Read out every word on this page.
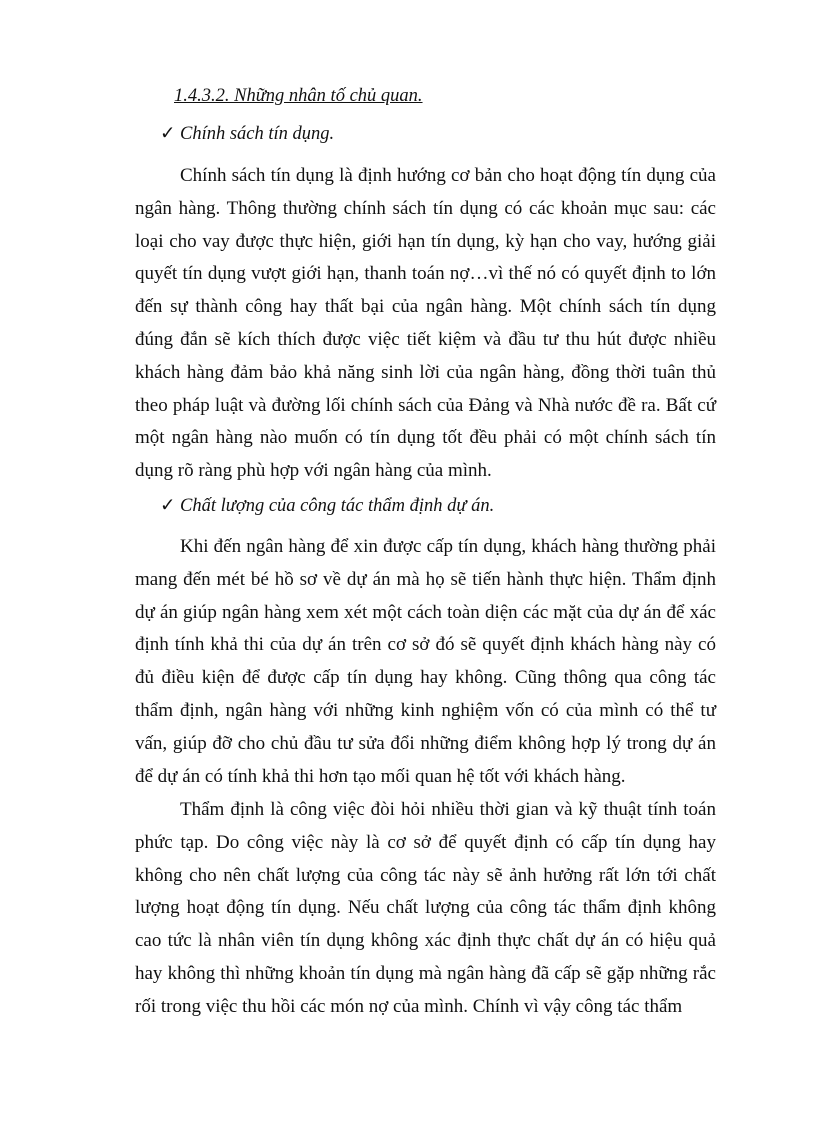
1.4.3.2. Những nhân tố chủ quan.
✓ Chính sách tín dụng.

Chính sách tín dụng là định hướng cơ bản cho hoạt động tín dụng của ngân hàng. Thông thường chính sách tín dụng có các khoản mục sau: các loại cho vay được thực hiện, giới hạn tín dụng, kỳ hạn cho vay, hướng giải quyết tín dụng vượt giới hạn, thanh toán nợ…vì thế nó có quyết định to lớn đến sự thành công hay thất bại của ngân hàng. Một chính sách tín dụng đúng đắn sẽ kích thích được việc tiết kiệm và đầu tư thu hút được nhiều khách hàng đảm bảo khả năng sinh lời của ngân hàng, đồng thời tuân thủ theo pháp luật và đường lối chính sách của Đảng và Nhà nước đề ra. Bất cứ một ngân hàng nào muốn có tín dụng tốt đều phải có một chính sách tín dụng rõ ràng phù hợp với ngân hàng của mình.

✓ Chất lượng của công tác thẩm định dự án.

Khi đến ngân hàng để xin được cấp tín dụng, khách hàng thường phải mang đến mét bé hồ sơ về dự án mà họ sẽ tiến hành thực hiện. Thẩm định dự án giúp ngân hàng xem xét một cách toàn diện các mặt của dự án để xác định tính khả thi của dự án trên cơ sở đó sẽ quyết định khách hàng này có đủ điều kiện để được cấp tín dụng hay không. Cũng thông qua công tác thẩm định, ngân hàng với những kinh nghiệm vốn có của mình có thể tư vấn, giúp đỡ cho chủ đầu tư sửa đổi những điểm không hợp lý trong dự án để dự án có tính khả thi hơn tạo mối quan hệ tốt với khách hàng.

Thẩm định là công việc đòi hỏi nhiều thời gian và kỹ thuật tính toán phức tạp. Do công việc này là cơ sở để quyết định có cấp tín dụng hay không cho nên chất lượng của công tác này sẽ ảnh hưởng rất lớn tới chất lượng hoạt động tín dụng. Nếu chất lượng của công tác thẩm định không cao tức là nhân viên tín dụng không xác định thực chất dự án có hiệu quả hay không thì những khoản tín dụng mà ngân hàng đã cấp sẽ gặp những rắc rối trong việc thu hồi các món nợ của mình. Chính vì vậy công tác thẩm
